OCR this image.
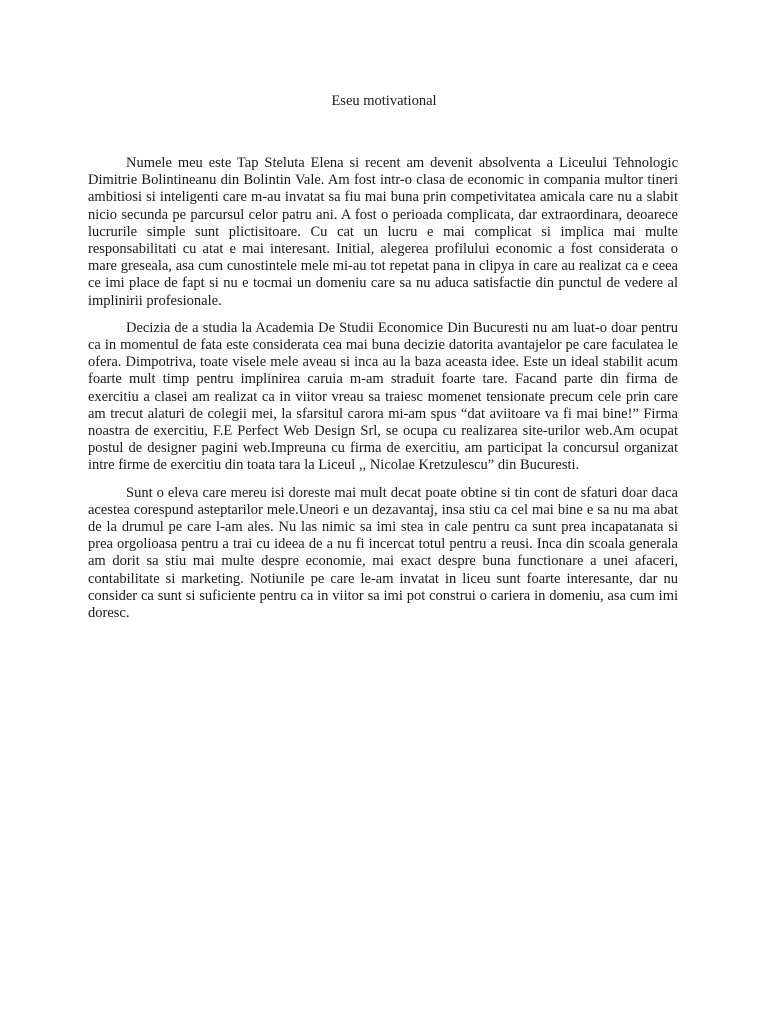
Eseu motivational

Numele meu este Tap Steluta Elena si recent am devenit absolventa a Liceului Tehnologic Dimitrie Bolintineanu din Bolintin Vale. Am fost intr-o clasa de economic in compania multor tineri ambitiosi si inteligenti care m-au invatat sa fiu mai buna prin competivitatea amicala care nu a slabit nicio secunda pe parcursul celor patru ani. A fost o perioada complicata, dar extraordinara, deoarece lucrurile simple sunt plictisitoare. Cu cat un lucru e mai complicat si implica mai multe responsabilitati cu atat e mai interesant. Initial, alegerea profilului economic a fost considerata o mare greseala, asa cum cunostintele mele mi-au tot repetat pana in clipya in care au realizat ca e ceea ce imi place de fapt si nu e tocmai un domeniu care sa nu aduca satisfactie din punctul de vedere al implinirii profesionale.

Decizia de a studia la Academia De Studii Economice Din Bucuresti nu am luat-o doar pentru ca in momentul de fata este considerata cea mai buna decizie datorita avantajelor pe care faculatea le ofera. Dimpotriva, toate visele mele aveau si inca au la baza aceasta idee. Este un ideal stabilit acum foarte mult timp pentru implinirea caruia m-am straduit foarte tare. Facand parte din firma de exercitiu a clasei am realizat ca in viitor vreau sa traiesc momenet tensionate precum cele prin care am trecut alaturi de colegii mei, la sfarsitul carora mi-am spus “dat aviitoare va fi mai bine!” Firma noastra de exercitiu, F.E Perfect Web Design Srl, se ocupa cu realizarea site-urilor web.Am ocupat postul de designer pagini web.Impreuna cu firma de exercitiu, am participat la concursul organizat intre firme de exercitiu din toata tara la Liceul ,, Nicolae Kretzulescu” din Bucuresti.

Sunt o eleva care mereu isi doreste mai mult decat poate obtine si tin cont de sfaturi doar daca acestea corespund asteptarilor mele.Uneori e un dezavantaj, insa stiu ca cel mai bine e sa nu ma abat de la drumul pe care l-am ales. Nu las nimic sa imi stea in cale pentru ca sunt prea incapatanata si prea orgolioasa pentru a trai cu ideea de a nu fi incercat totul pentru a reusi. Inca din scoala generala am dorit sa stiu mai multe despre economie, mai exact despre buna functionare a unei afaceri, contabilitate si marketing. Notiunile pe care le-am invatat in liceu sunt foarte interesante, dar nu consider ca sunt si suficiente pentru ca in viitor sa imi pot construi o cariera in domeniu, asa cum imi doresc.
